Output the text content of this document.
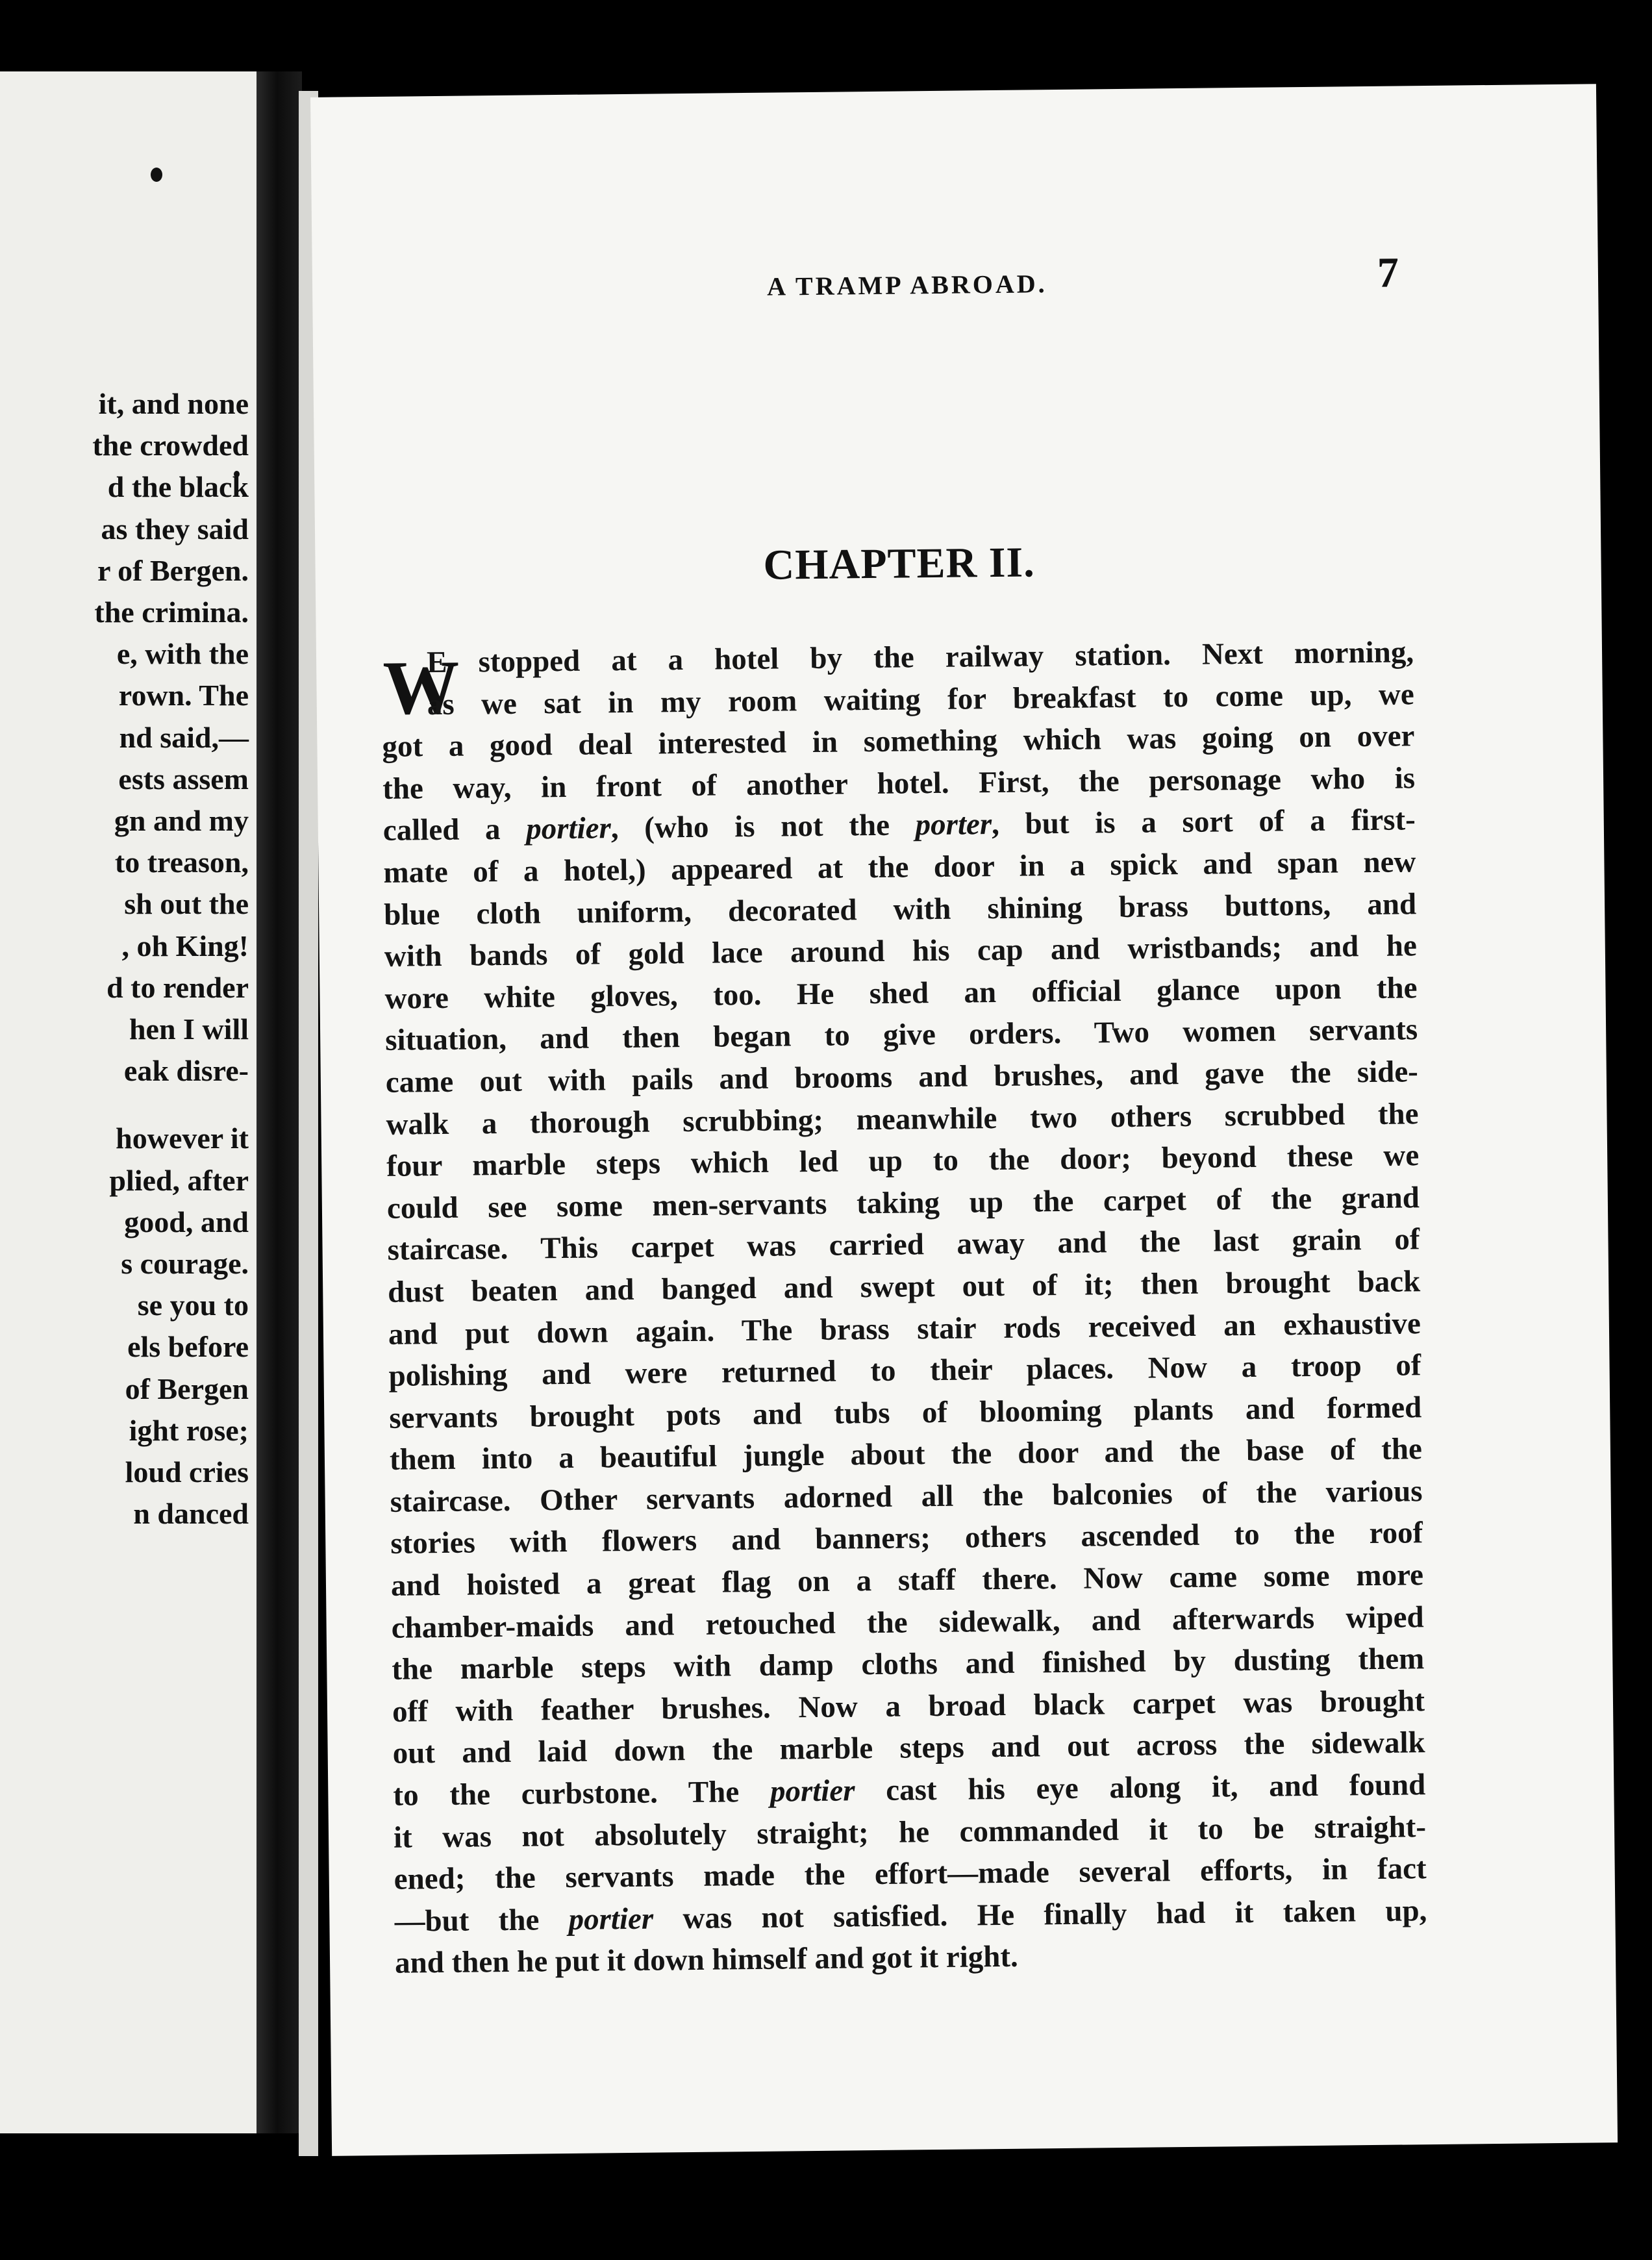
it, and none
the crowded
d the black
as they said
r of Bergen.
the crimina.
e, with the
rown. The
nd said,—
ests assem
gn and my
to treason,
sh out the
, oh King!
d to render
hen I will
eak disre-
however it
plied, after
good, and
s courage.
se you to
els before
of Bergen
ight rose;
loud cries
n danced
A TRAMP ABROAD.	7
CHAPTER II.
W
E stopped at a hotel by the railway station. Next morning,
as we sat in my room waiting for breakfast to come up, we
got a good deal interested in something which was going on over
the way, in front of another hotel. First, the personage who is
called a portier, (who is not the porter, but is a sort of a first-
mate of a hotel,) appeared at the door in a spick and span new
blue cloth uniform, decorated with shining brass buttons, and
with bands of gold lace around his cap and wristbands; and he
wore white gloves, too. He shed an official glance upon the
situation, and then began to give orders. Two women servants
came out with pails and brooms and brushes, and gave the side-
walk a thorough scrubbing; meanwhile two others scrubbed the
four marble steps which led up to the door; beyond these we
could see some men-servants taking up the carpet of the grand
staircase. This carpet was carried away and the last grain of
dust beaten and banged and swept out of it; then brought back
and put down again. The brass stair rods received an exhaustive
polishing and were returned to their places. Now a troop of
servants brought pots and tubs of blooming plants and formed
them into a beautiful jungle about the door and the base of the
staircase. Other servants adorned all the balconies of the various
stories with flowers and banners; others ascended to the roof
and hoisted a great flag on a staff there. Now came some more
chamber-maids and retouched the sidewalk, and afterwards wiped
the marble steps with damp cloths and finished by dusting them
off with feather brushes. Now a broad black carpet was brought
out and laid down the marble steps and out across the sidewalk
to the curbstone. The portier cast his eye along it, and found
it was not absolutely straight; he commanded it to be straight-
ened; the servants made the effort—made several efforts, in fact
—but the portier was not satisfied. He finally had it taken up,
and then he put it down himself and got it right.
